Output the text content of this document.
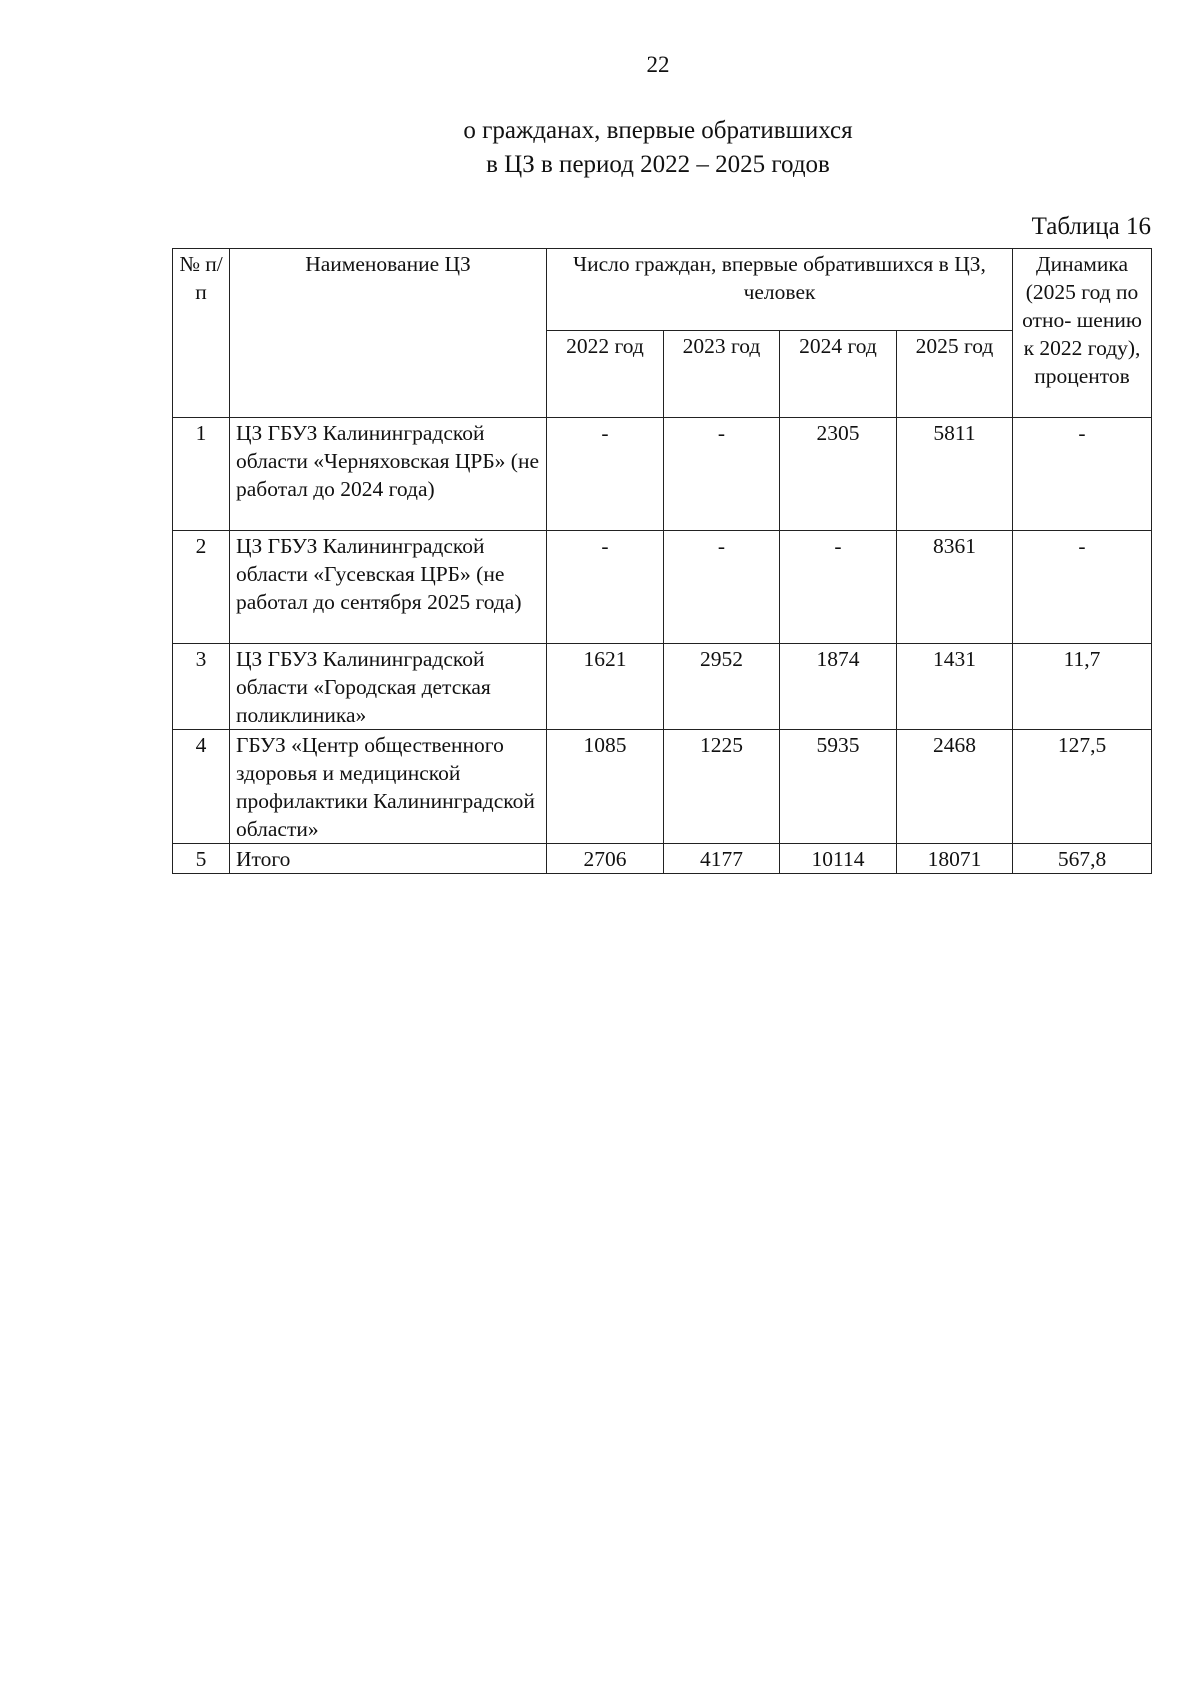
22
о гражданах, впервые обратившихся
в ЦЗ в период 2022 – 2025 годов
Таблица 16
№ п/п	Наименование ЦЗ	Число граждан, впервые обратившихся в ЦЗ, человек				Динамика (2025 год по отно- шению к 2022 году), процентов
		2022 год	2023 год	2024 год	2025 год	
1	ЦЗ ГБУЗ Калининградской области «Черняховская ЦРБ» (не работал до 2024 года)	-	-	2305	5811	-
2	ЦЗ ГБУЗ Калининградской области «Гусевская ЦРБ» (не работал до сентября 2025 года)	-	-	-	8361	-
3	ЦЗ ГБУЗ Калининградской области «Городская детская поликлиника»	1621	2952	1874	1431	11,7
4	ГБУЗ «Центр общественного здоровья и медицинской профилактики Калининградской области»	1085	1225	5935	2468	127,5
5	Итого	2706	4177	10114	18071	567,8
